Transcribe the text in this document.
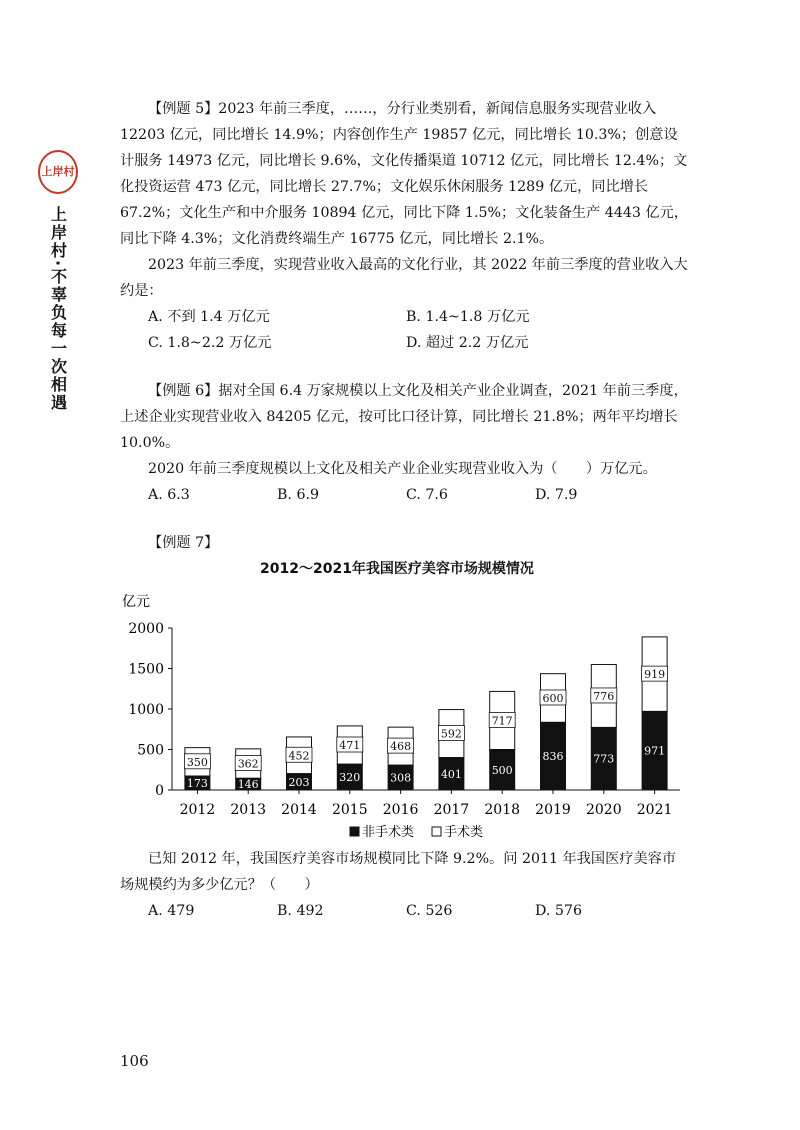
上岸村
上岸村·不辜负每一次相遇

【例题 5】2023 年前三季度，……，分行业类别看，新闻信息服务实现营业收入 12203 亿元，同比增长 14.9%；内容创作生产 19857 亿元，同比增长 10.3%；创意设计服务 14973 亿元，同比增长 9.6%，文化传播渠道 10712 亿元，同比增长 12.4%；文化投资运营 473 亿元，同比增长 27.7%；文化娱乐休闲服务 1289 亿元，同比增长 67.2%；文化生产和中介服务 10894 亿元，同比下降 1.5%；文化装备生产 4443 亿元，同比下降 4.3%；文化消费终端生产 16775 亿元，同比增长 2.1%。

2023 年前三季度，实现营业收入最高的文化行业，其 2022 年前三季度的营业收入大约是：

A. 不到 1.4 万亿元	B. 1.4~1.8 万亿元
C. 1.8~2.2 万亿元	D. 超过 2.2 万亿元

【例题 6】据对全国 6.4 万家规模以上文化及相关产业企业调查，2021 年前三季度，上述企业实现营业收入 84205 亿元，按可比口径计算，同比增长 21.8%；两年平均增长 10.0%。

2020 年前三季度规模以上文化及相关产业企业实现营业收入为（　　）万亿元。

A. 6.3	B. 6.9	C. 7.6	D. 7.9

【例题 7】

2012～2021年我国医疗美容市场规模情况
亿元
0
500
1000
1500
2000
173
350
2012
146
362
2013
203
452
2014
320
471
2015
308
468
2016
401
592
2017
500
717
2018
836
600
2019
773
776
2020
971
919
2021
非手术类 手术类

已知 2012 年，我国医疗美容市场规模同比下降 9.2%。问 2011 年我国医疗美容市场规模约为多少亿元？（　　）

A. 479	B. 492	C. 526	D. 576
106
